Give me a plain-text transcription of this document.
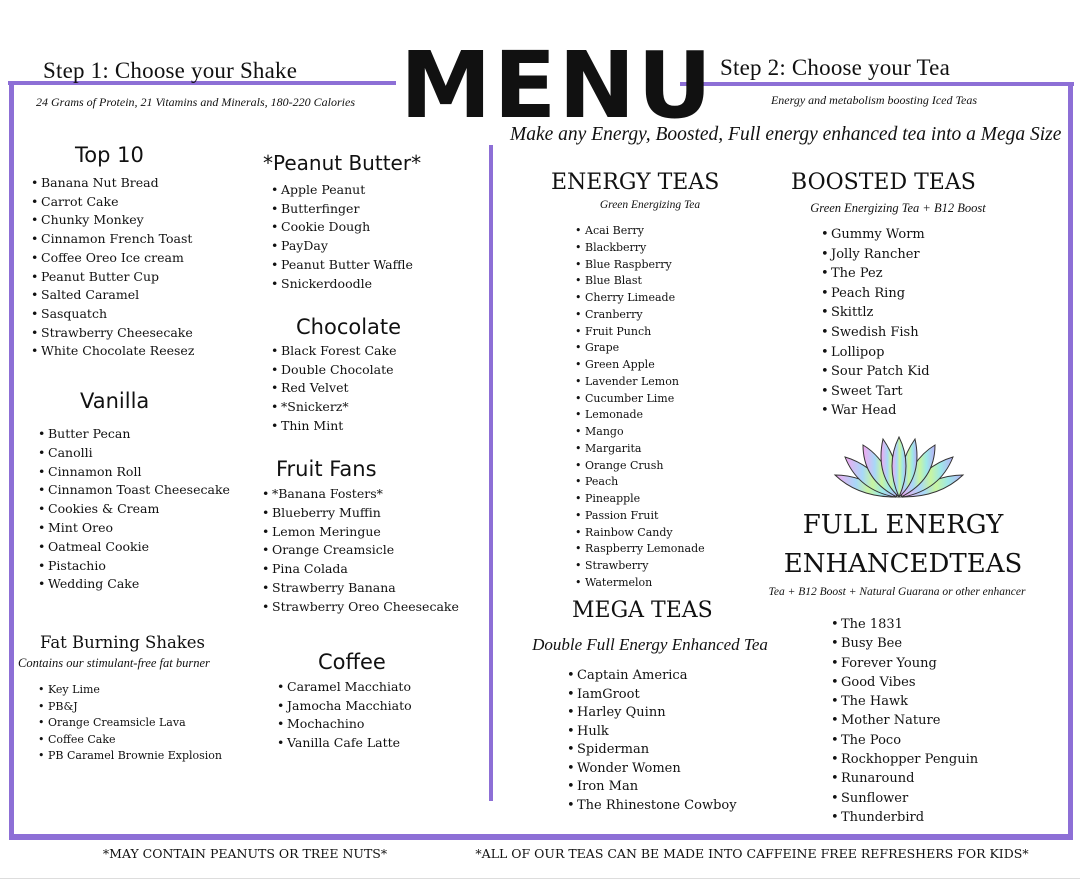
MENU
Step 1: Choose your Shake
24 Grams of Protein, 21 Vitamins and Minerals, 180-220 Calories
Step 2: Choose your Tea
Energy and metabolism boosting Iced Teas
Make any Energy, Boosted, Full energy enhanced tea into a Mega Size
Top 10
• Banana Nut Bread
• Carrot Cake
• Chunky Monkey
• Cinnamon French Toast
• Coffee Oreo Ice cream
• Peanut Butter Cup
• Salted Caramel
• Sasquatch
• Strawberry Cheesecake
• White Chocolate Reesez
*Peanut Butter*
• Apple Peanut
• Butterfinger
• Cookie Dough
• PayDay
• Peanut Butter Waffle
• Snickerdoodle
Vanilla
• Butter Pecan
• Canolli
• Cinnamon Roll
• Cinnamon Toast Cheesecake
• Cookies & Cream
• Mint Oreo
• Oatmeal Cookie
• Pistachio
• Wedding Cake
Chocolate
• Black Forest Cake
• Double Chocolate
• Red Velvet
• *Snickerz*
• Thin Mint
Fruit Fans
• *Banana Fosters*
• Blueberry Muffin
• Lemon Meringue
• Orange Creamsicle
• Pina Colada
• Strawberry Banana
• Strawberry Oreo Cheesecake
Fat Burning Shakes
Contains our stimulant-free fat burner
• Key Lime
• PB&J
• Orange Creamsicle Lava
• Coffee Cake
• PB Caramel Brownie Explosion
Coffee
• Caramel Macchiato
• Jamocha Macchiato
• Mochachino
• Vanilla Cafe Latte
ENERGY TEAS
Green Energizing Tea
• Acai Berry
• Blackberry
• Blue Raspberry
• Blue Blast
• Cherry Limeade
• Cranberry
• Fruit Punch
• Grape
• Green Apple
• Lavender Lemon
• Cucumber Lime
• Lemonade
• Mango
• Margarita
• Orange Crush
• Peach
• Pineapple
• Passion Fruit
• Rainbow Candy
• Raspberry Lemonade
• Strawberry
• Watermelon
BOOSTED TEAS
Green Energizing Tea + B12 Boost
• Gummy Worm
• Jolly Rancher
• The Pez
• Peach Ring
• Skittlz
• Swedish Fish
• Lollipop
• Sour Patch Kid
• Sweet Tart
• War Head
FULL ENERGY
ENHANCEDTEAS
Tea + B12 Boost + Natural Guarana or other enhancer
• The 1831
• Busy Bee
• Forever Young
• Good Vibes
• The Hawk
• Mother Nature
• The Poco
• Rockhopper Penguin
• Runaround
• Sunflower
• Thunderbird
MEGA TEAS
Double Full Energy Enhanced Tea
• Captain America
• IamGroot
• Harley Quinn
• Hulk
• Spiderman
• Wonder Women
• Iron Man
• The Rhinestone Cowboy
*MAY CONTAIN PEANUTS OR TREE NUTS*	*ALL OF OUR TEAS CAN BE MADE INTO CAFFEINE FREE REFRESHERS FOR KIDS*
